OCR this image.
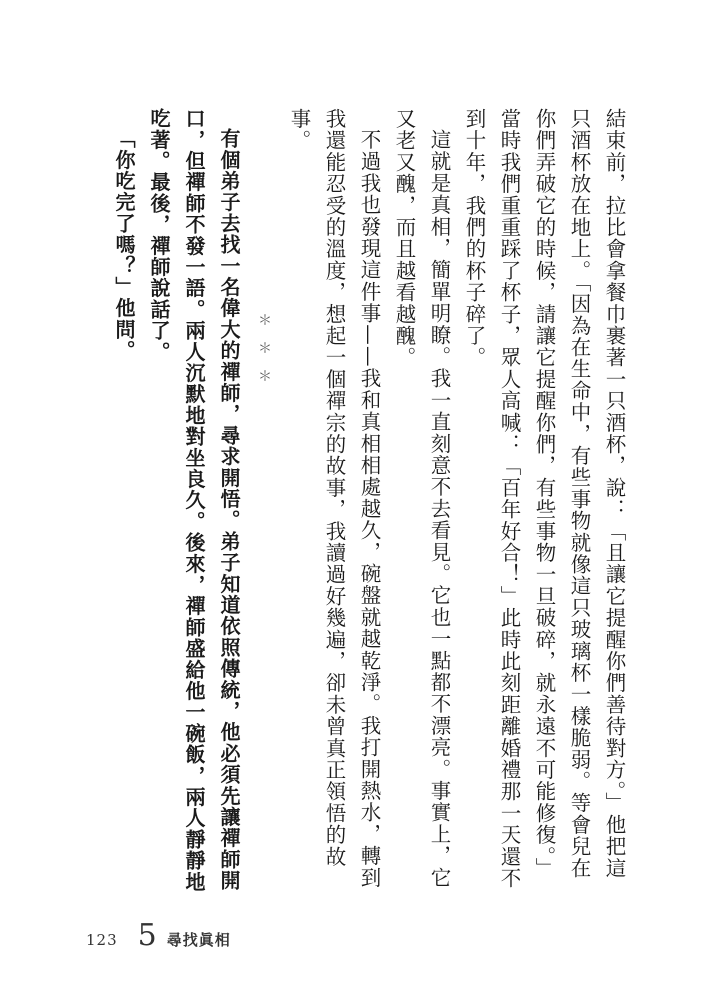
結束前，拉比會拿餐巾裹著一只酒杯，說：「且讓它提醒你們善待對方。」他把這只酒杯放在地上。「因為在生命中，有些事物就像這只玻璃杯一樣脆弱。等會兒在你們弄破它的時候，請讓它提醒你們，有些事物一旦破碎，就永遠不可能修復。」當時我們重重踩了杯子，眾人高喊：「百年好合！」此時此刻距離婚禮那一天還不到十年，我們的杯子碎了。

這就是真相，簡單明瞭。我一直刻意不去看見。它也一點都不漂亮。事實上，它又老又醜，而且越看越醜。

不過我也發現這件事——我和真相相處越久，碗盤就越乾淨。我打開熱水，轉到我還能忍受的溫度，想起一個禪宗的故事，我讀過好幾遍，卻未曾真正領悟的故事。

＊＊＊

有個弟子去找一名偉大的禪師，尋求開悟。弟子知道依照傳統，他必須先讓禪師開口，但禪師不發一語。兩人沉默地對坐良久。後來，禪師盛給他一碗飯，兩人靜靜地吃著。最後，禪師說話了。

「你吃完了嗎？」他問。

123 5 尋找眞相
